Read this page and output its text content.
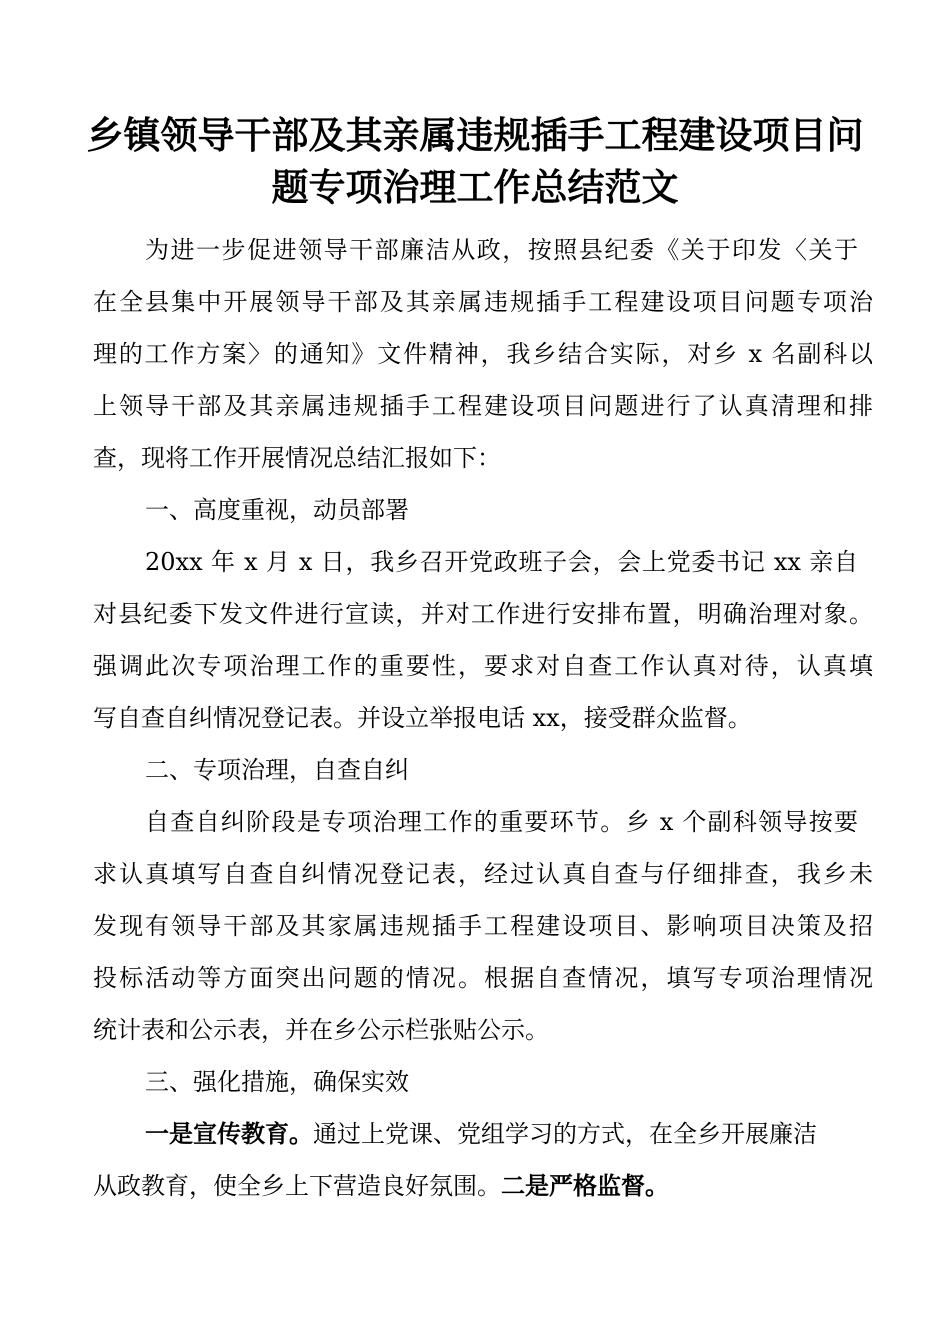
乡镇领导干部及其亲属违规插手工程建设项目问
题专项治理工作总结范文
为进一步促进领导干部廉洁从政，按照县纪委《关于印发〈关于
在全县集中开展领导干部及其亲属违规插手工程建设项目问题专项治
理的工作方案〉的通知》文件精神，我乡结合实际，对乡 x 名副科以
上领导干部及其亲属违规插手工程建设项目问题进行了认真清理和排
查，现将工作开展情况总结汇报如下：
一、高度重视，动员部署
20xx 年 x 月 x 日，我乡召开党政班子会，会上党委书记 xx 亲自
对县纪委下发文件进行宣读，并对工作进行安排布置，明确治理对象。
强调此次专项治理工作的重要性，要求对自查工作认真对待，认真填
写自查自纠情况登记表。并设立举报电话 xx，接受群众监督。
二、专项治理，自查自纠
自查自纠阶段是专项治理工作的重要环节。乡 x 个副科领导按要
求认真填写自查自纠情况登记表，经过认真自查与仔细排查，我乡未
发现有领导干部及其家属违规插手工程建设项目、影响项目决策及招
投标活动等方面突出问题的情况。根据自查情况，填写专项治理情况
统计表和公示表，并在乡公示栏张贴公示。
三、强化措施，确保实效
一是宣传教育。通过上党课、党组学习的方式，在全乡开展廉洁
从政教育，使全乡上下营造良好氛围。二是严格监督。
